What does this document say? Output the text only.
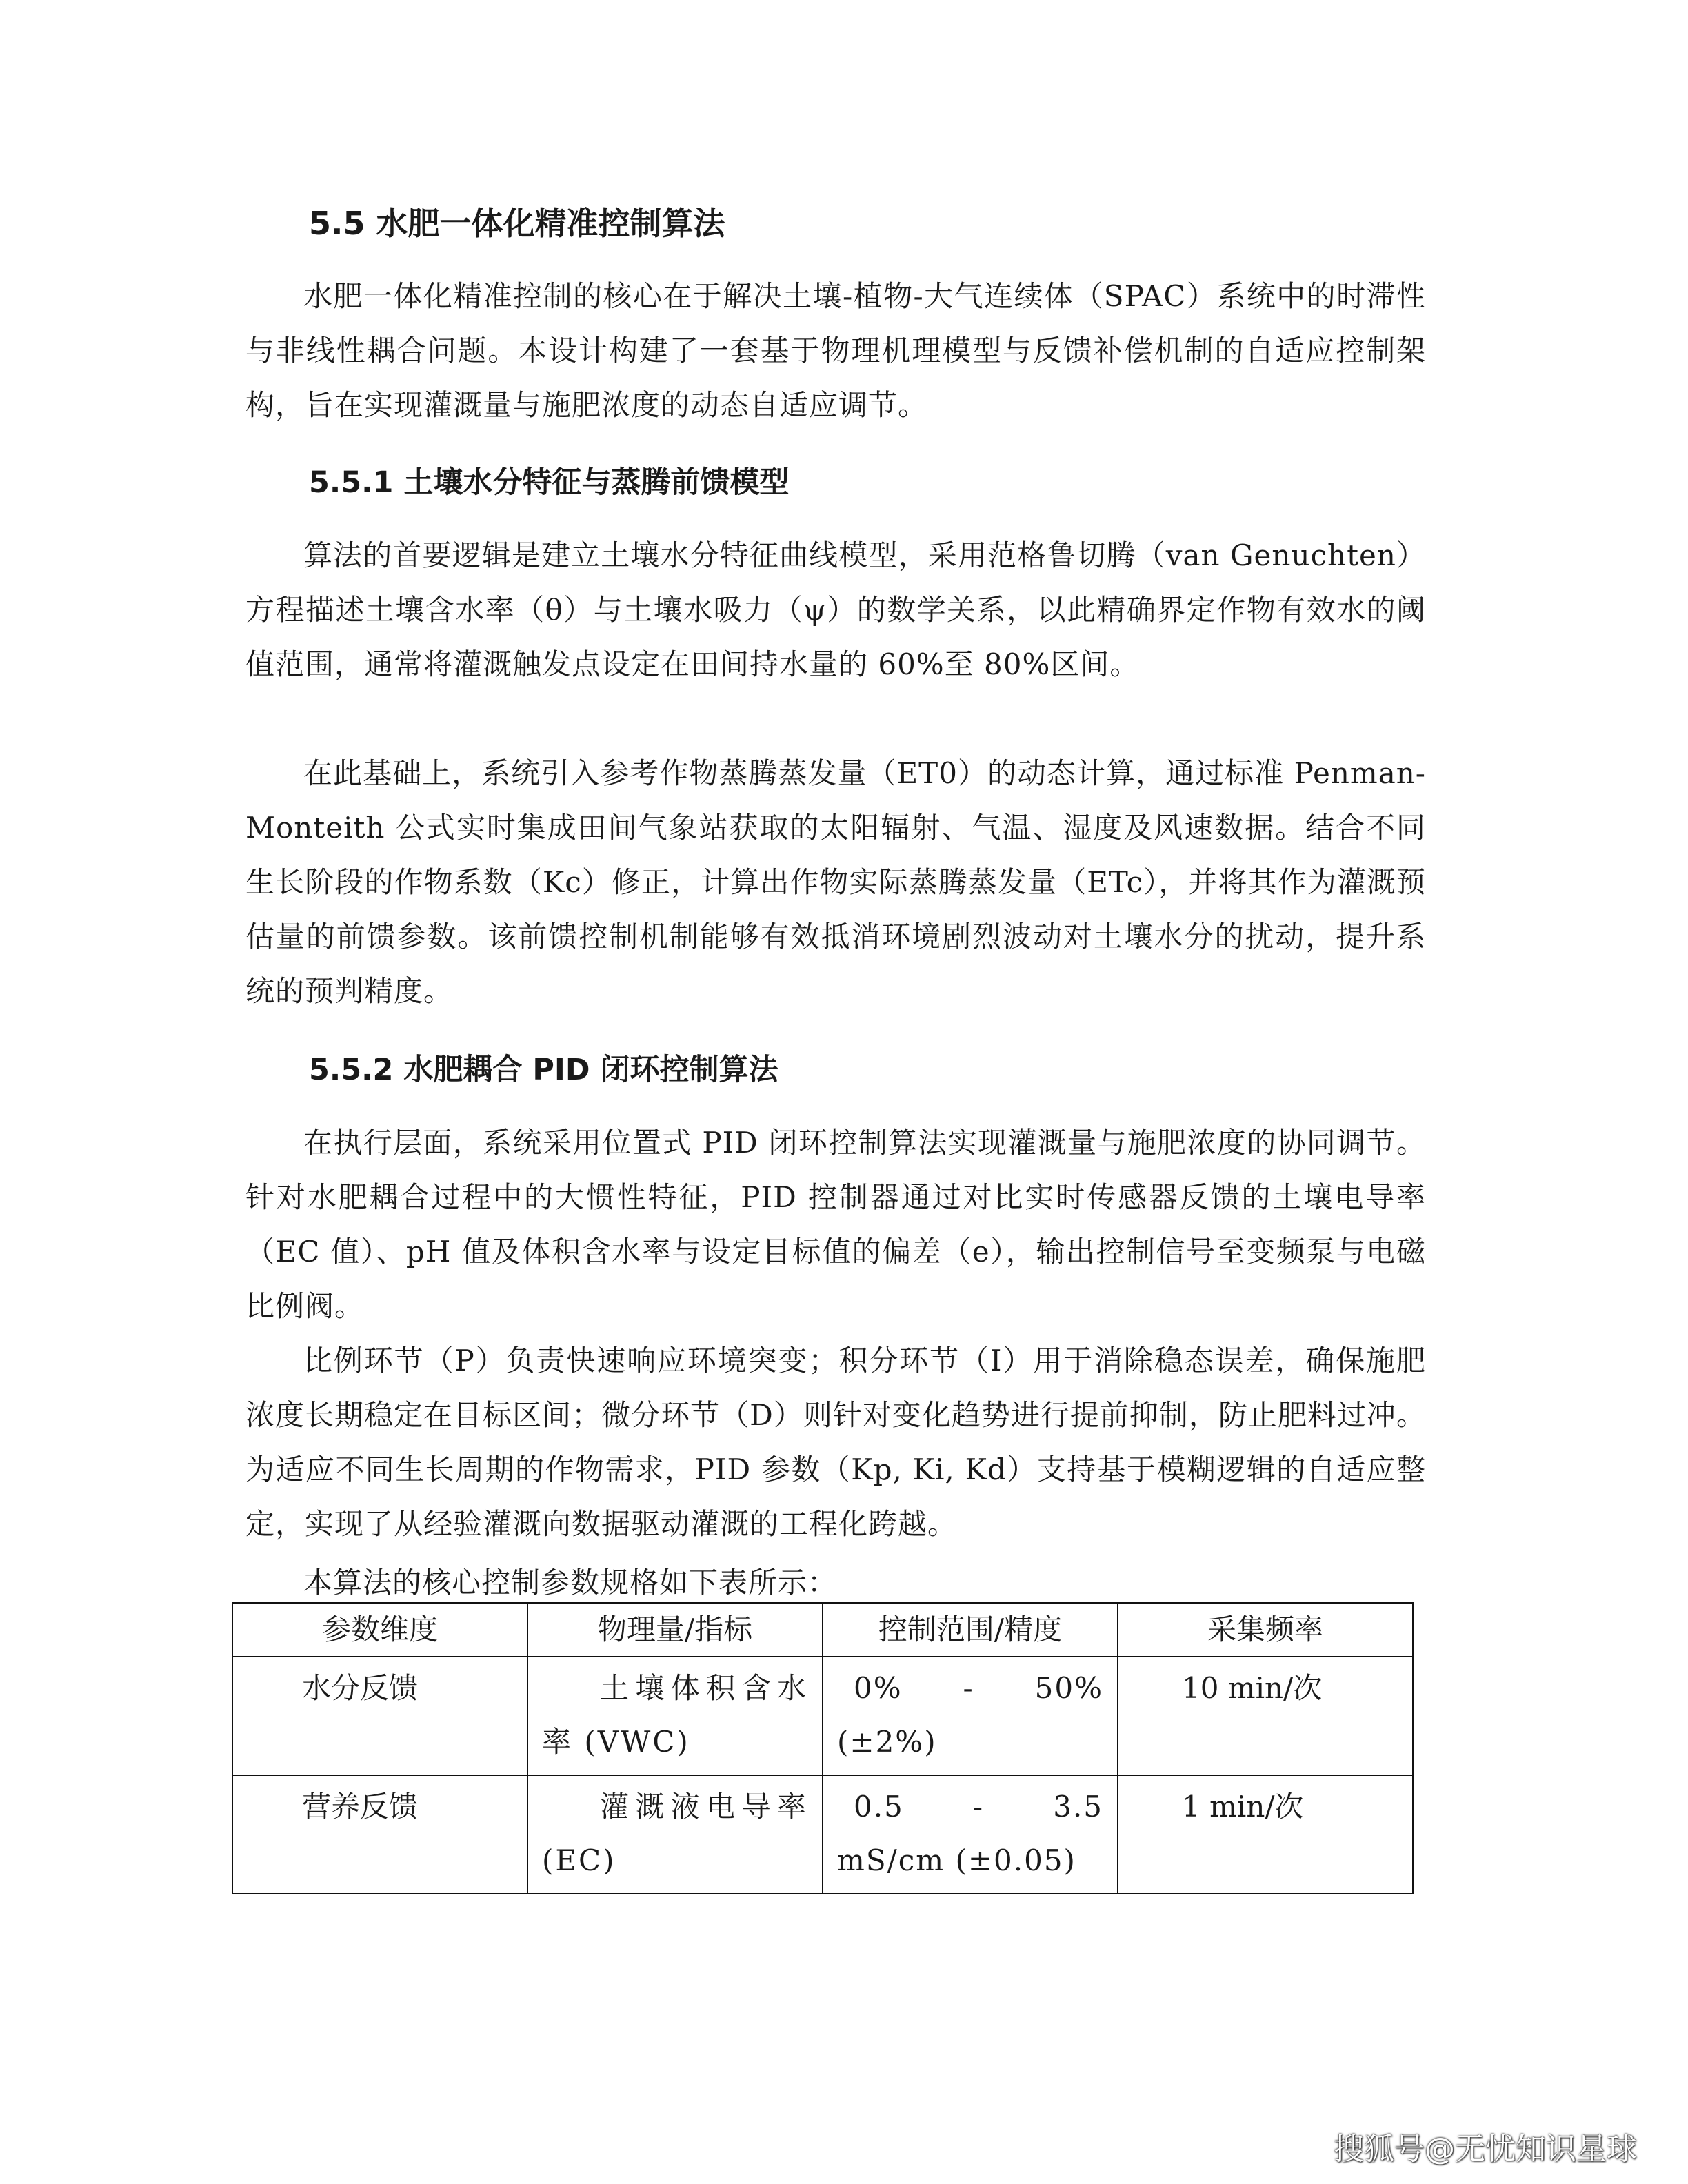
5.5 水肥一体化精准控制算法

水肥一体化精准控制的核心在于解决土壤-植物-大气连续体（SPAC）系统中的时滞性与非线性耦合问题。本设计构建了一套基于物理机理模型与反馈补偿机制的自适应控制架构，旨在实现灌溉量与施肥浓度的动态自适应调节。

5.5.1 土壤水分特征与蒸腾前馈模型

算法的首要逻辑是建立土壤水分特征曲线模型，采用范格鲁切腾（van Genuchten）方程描述土壤含水率（θ）与土壤水吸力（ψ）的数学关系，以此精确界定作物有效水的阈值范围，通常将灌溉触发点设定在田间持水量的 60%至 80%区间。

在此基础上，系统引入参考作物蒸腾蒸发量（ET0）的动态计算，通过标准 Penman-Monteith 公式实时集成田间气象站获取的太阳辐射、气温、湿度及风速数据。结合不同生长阶段的作物系数（Kc）修正，计算出作物实际蒸腾蒸发量（ETc），并将其作为灌溉预估量的前馈参数。该前馈控制机制能够有效抵消环境剧烈波动对土壤水分的扰动，提升系统的预判精度。

5.5.2 水肥耦合 PID 闭环控制算法

在执行层面，系统采用位置式 PID 闭环控制算法实现灌溉量与施肥浓度的协同调节。针对水肥耦合过程中的大惯性特征，PID 控制器通过对比实时传感器反馈的土壤电导率（EC 值）、pH 值及体积含水率与设定目标值的偏差（e），输出控制信号至变频泵与电磁比例阀。

比例环节（P）负责快速响应环境突变；积分环节（I）用于消除稳态误差，确保施肥浓度长期稳定在目标区间；微分环节（D）则针对变化趋势进行提前抑制，防止肥料过冲。为适应不同生长周期的作物需求，PID 参数（Kp, Ki, Kd）支持基于模糊逻辑的自适应整定，实现了从经验灌溉向数据驱动灌溉的工程化跨越。

本算法的核心控制参数规格如下表所示：

参数维度	物理量/指标	控制范围/精度	采集频率
水分反馈	土壤体积含水率 (VWC)	0% - 50% (±2%)	10 min/次
营养反馈	灌溉液电导率 (EC)	0.5 - 3.5 mS/cm (±0.05)	1 min/次
搜狐号@无忧知识星球
